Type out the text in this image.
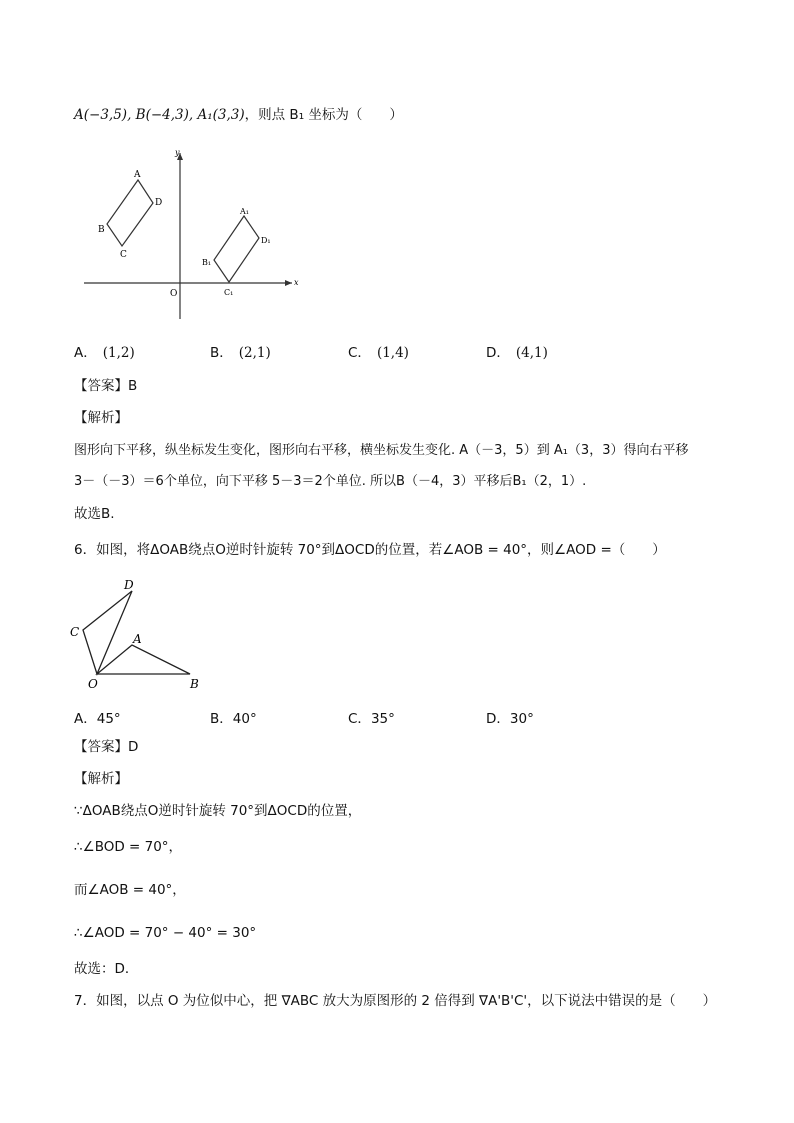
A(−3,5), B(−4,3), A₁(3,3)，则点 B₁ 坐标为（　　）
y
x
O
A
D
B
C
A₁
D₁
B₁
C₁
A． (1,2)	B． (2,1)	C． (1,4)	D． (4,1)
【答案】B
【解析】
图形向下平移，纵坐标发生变化，图形向右平移，横坐标发生变化. A（－3，5）到 A₁（3，3）得向右平移
3－（－3）＝6个单位，向下平移 5－3＝2个单位. 所以B（－4，3）平移后B₁（2，1）.
故选B.
6．如图，将ΔOAB绕点O逆时针旋转 70°到ΔOCD的位置，若∠AOB = 40°，则∠AOD =（　　）
D
C	A
O	B
A．45°	B．40°	C．35°	D．30°
【答案】D
【解析】
∵ΔOAB绕点O逆时针旋转 70°到ΔOCD的位置，
∴∠BOD = 70°，
而∠AOB = 40°，
∴∠AOD = 70° − 40° = 30°
故选：D．
7．如图，以点 O 为位似中心，把 ∇ABC 放大为原图形的 2 倍得到 ∇A'B'C'，以下说法中错误的是（　　）
